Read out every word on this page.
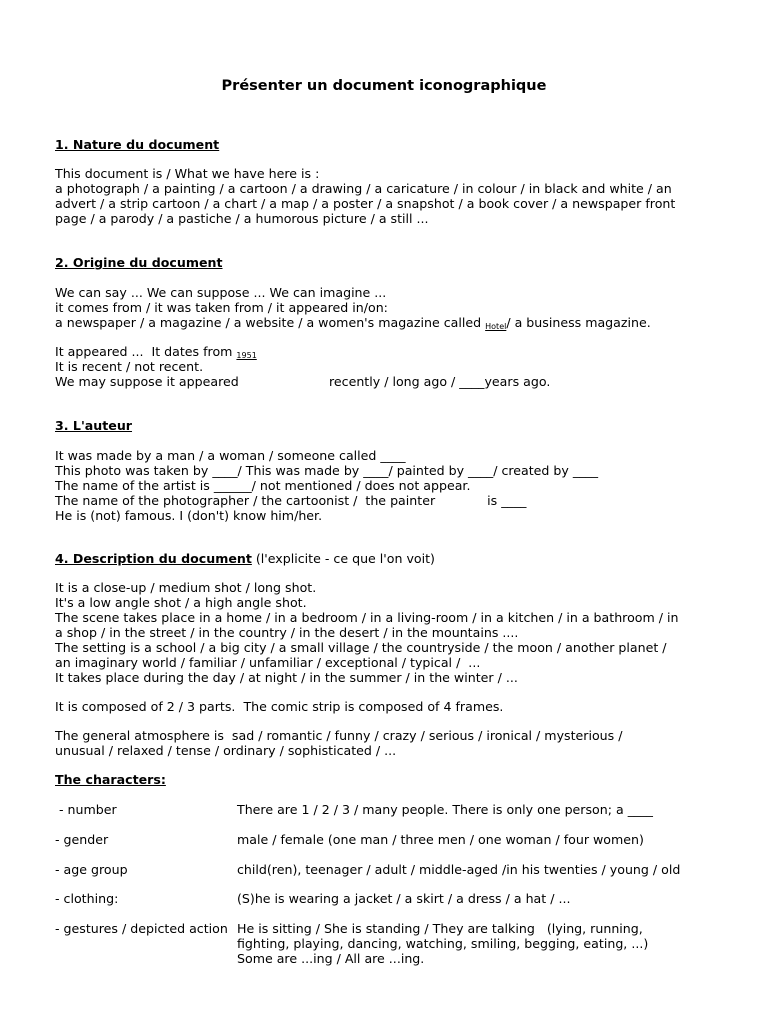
Présenter un document iconographique
1. Nature du document
This document is / What we have here is :
a photograph / a painting / a cartoon / a drawing / a caricature / in colour / in black and white / an
advert / a strip cartoon / a chart / a map / a poster / a snapshot / a book cover / a newspaper front
page / a parody / a pastiche / a humorous picture / a still ...
2. Origine du document
We can say ... We can suppose ... We can imagine ...
it comes from / it was taken from / it appeared in/on:
a newspaper / a magazine / a website / a women's magazine called Hotel/ a business magazine.
It appeared ...  It dates from 1951
It is recent / not recent.
We may suppose it appeared	recently / long ago / ____years ago.
3. L'auteur
It was made by a man / a woman / someone called ____
This photo was taken by ____/ This was made by ____/ painted by ____/ created by ____
The name of the artist is ______/ not mentioned / does not appear.
The name of the photographer / the cartoonist /  the painter             is ____
He is (not) famous. I (don't) know him/her.
4. Description du document (l'explicite - ce que l'on voit)
It is a close-up / medium shot / long shot.
It's a low angle shot / a high angle shot.
The scene takes place in a home / in a bedroom / in a living-room / in a kitchen / in a bathroom / in
a shop / in the street / in the country / in the desert / in the mountains ....
The setting is a school / a big city / a small village / the countryside / the moon / another planet /
an imaginary world / familiar / unfamiliar / exceptional / typical /  ...
It takes place during the day / at night / in the summer / in the winter / ...
It is composed of 2 / 3 parts.  The comic strip is composed of 4 frames.
The general atmosphere is  sad / romantic / funny / crazy / serious / ironical / mysterious /
unusual / relaxed / tense / ordinary / sophisticated / ...
The characters:
- number	There are 1 / 2 / 3 / many people. There is only one person; a ____
- gender	male / female (one man / three men / one woman / four women)
- age group	child(ren), teenager / adult / middle-aged /in his twenties / young / old
- clothing:	(S)he is wearing a jacket / a skirt / a dress / a hat / ...
- gestures / depicted action He is sitting / She is standing / They are talking   (lying, running,
fighting, playing, dancing, watching, smiling, begging, eating, ...)
Some are ...ing / All are ...ing.
